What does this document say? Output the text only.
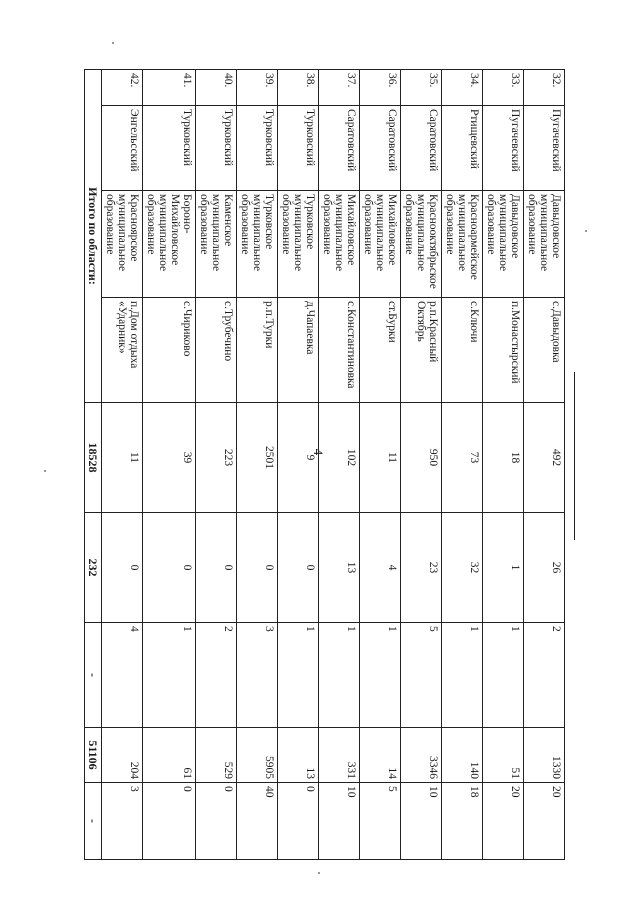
4
32.	Пугачевский	Давыдовское муниципальное образование	с.Давыдовка	492	26	2	1330	20
33.	Пугачевский	Давыдовское муниципальное образование	п.Монастырский	18	1	1	51	20
34.	Ртищевский	Красноармейское муниципальное образование	с.Ключи	73	32	1	140	18
35.	Саратовский	Краснооктябрьское муниципальное образование	р.п.Красный Октябрь	950	23	5	3346	10
36.	Саратовский	Михайловское муниципальное образование	ст.Бурки	11	4	1	14	5
37.	Саратовский	Михайловское муниципальное образование	с.Константиновка	102	13	1	331	10
38.	Турковский	Турковское муниципальное образование	д.Чапаевка	9	0	1	13	0
39.	Турковский	Турковское муниципальное образование	р.п.Турки	2501	0	3	5905	40
40.	Турковский	Каменское муниципальное образование	с.Трубечино	223	0	2	529	0
41.	Турковский	Бороно-Михайловское муниципальное образование	с.Чириково	39	0	1	61	0
42.	Энгельсский	Красноярское муниципальное образование	п.Дом отдыха «Ударник»	11	0	4	204	3
Итого по области:				18528	232	-	51106	-
